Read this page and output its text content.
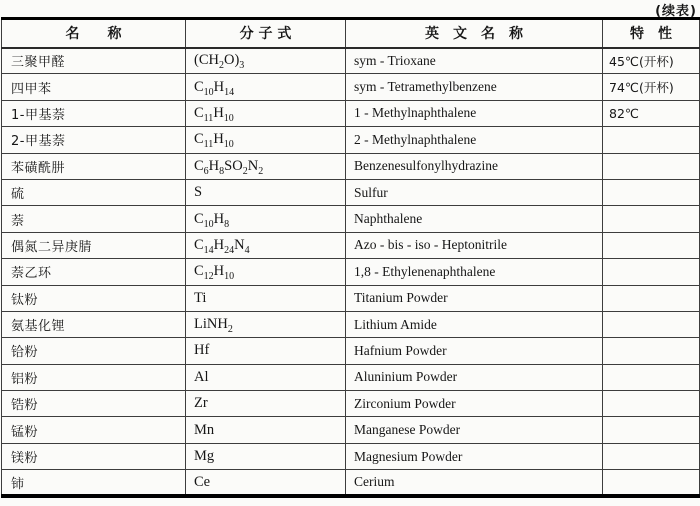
(续表)
名　　称	分 子 式	英　文　名　称	特　性
三聚甲醛	$(CH_2O)_3$	sym - Trioxane	45℃(开杯)
四甲苯	$C_{10}H_{14}$	sym - Tetramethylbenzene	74℃(开杯)
1-甲基萘	$C_{11}H_{10}$	1 - Methylnaphthalene	82℃
2-甲基萘	$C_{11}H_{10}$	2 - Methylnaphthalene	
苯磺酰肼	$C_6H_8SO_2N_2$	Benzenesulfonylhydrazine	
硫	S	Sulfur	
萘	$C_{10}H_8$	Naphthalene	
偶氮二异庚腈	$C_{14}H_{24}N_4$	Azo - bis - iso - Heptonitrile	
萘乙环	$C_{12}H_{10}$	1,8 - Ethylenenaphthalene	
钛粉	Ti	Titanium Powder	
氨基化锂	LiNH$_2$	Lithium Amide	
铪粉	Hf	Hafnium Powder	
铝粉	Al	Aluninium Powder	
锆粉	Zr	Zirconium Powder	
锰粉	Mn	Manganese Powder	
镁粉	Mg	Magnesium Powder	
铈	Ce	Cerium	
